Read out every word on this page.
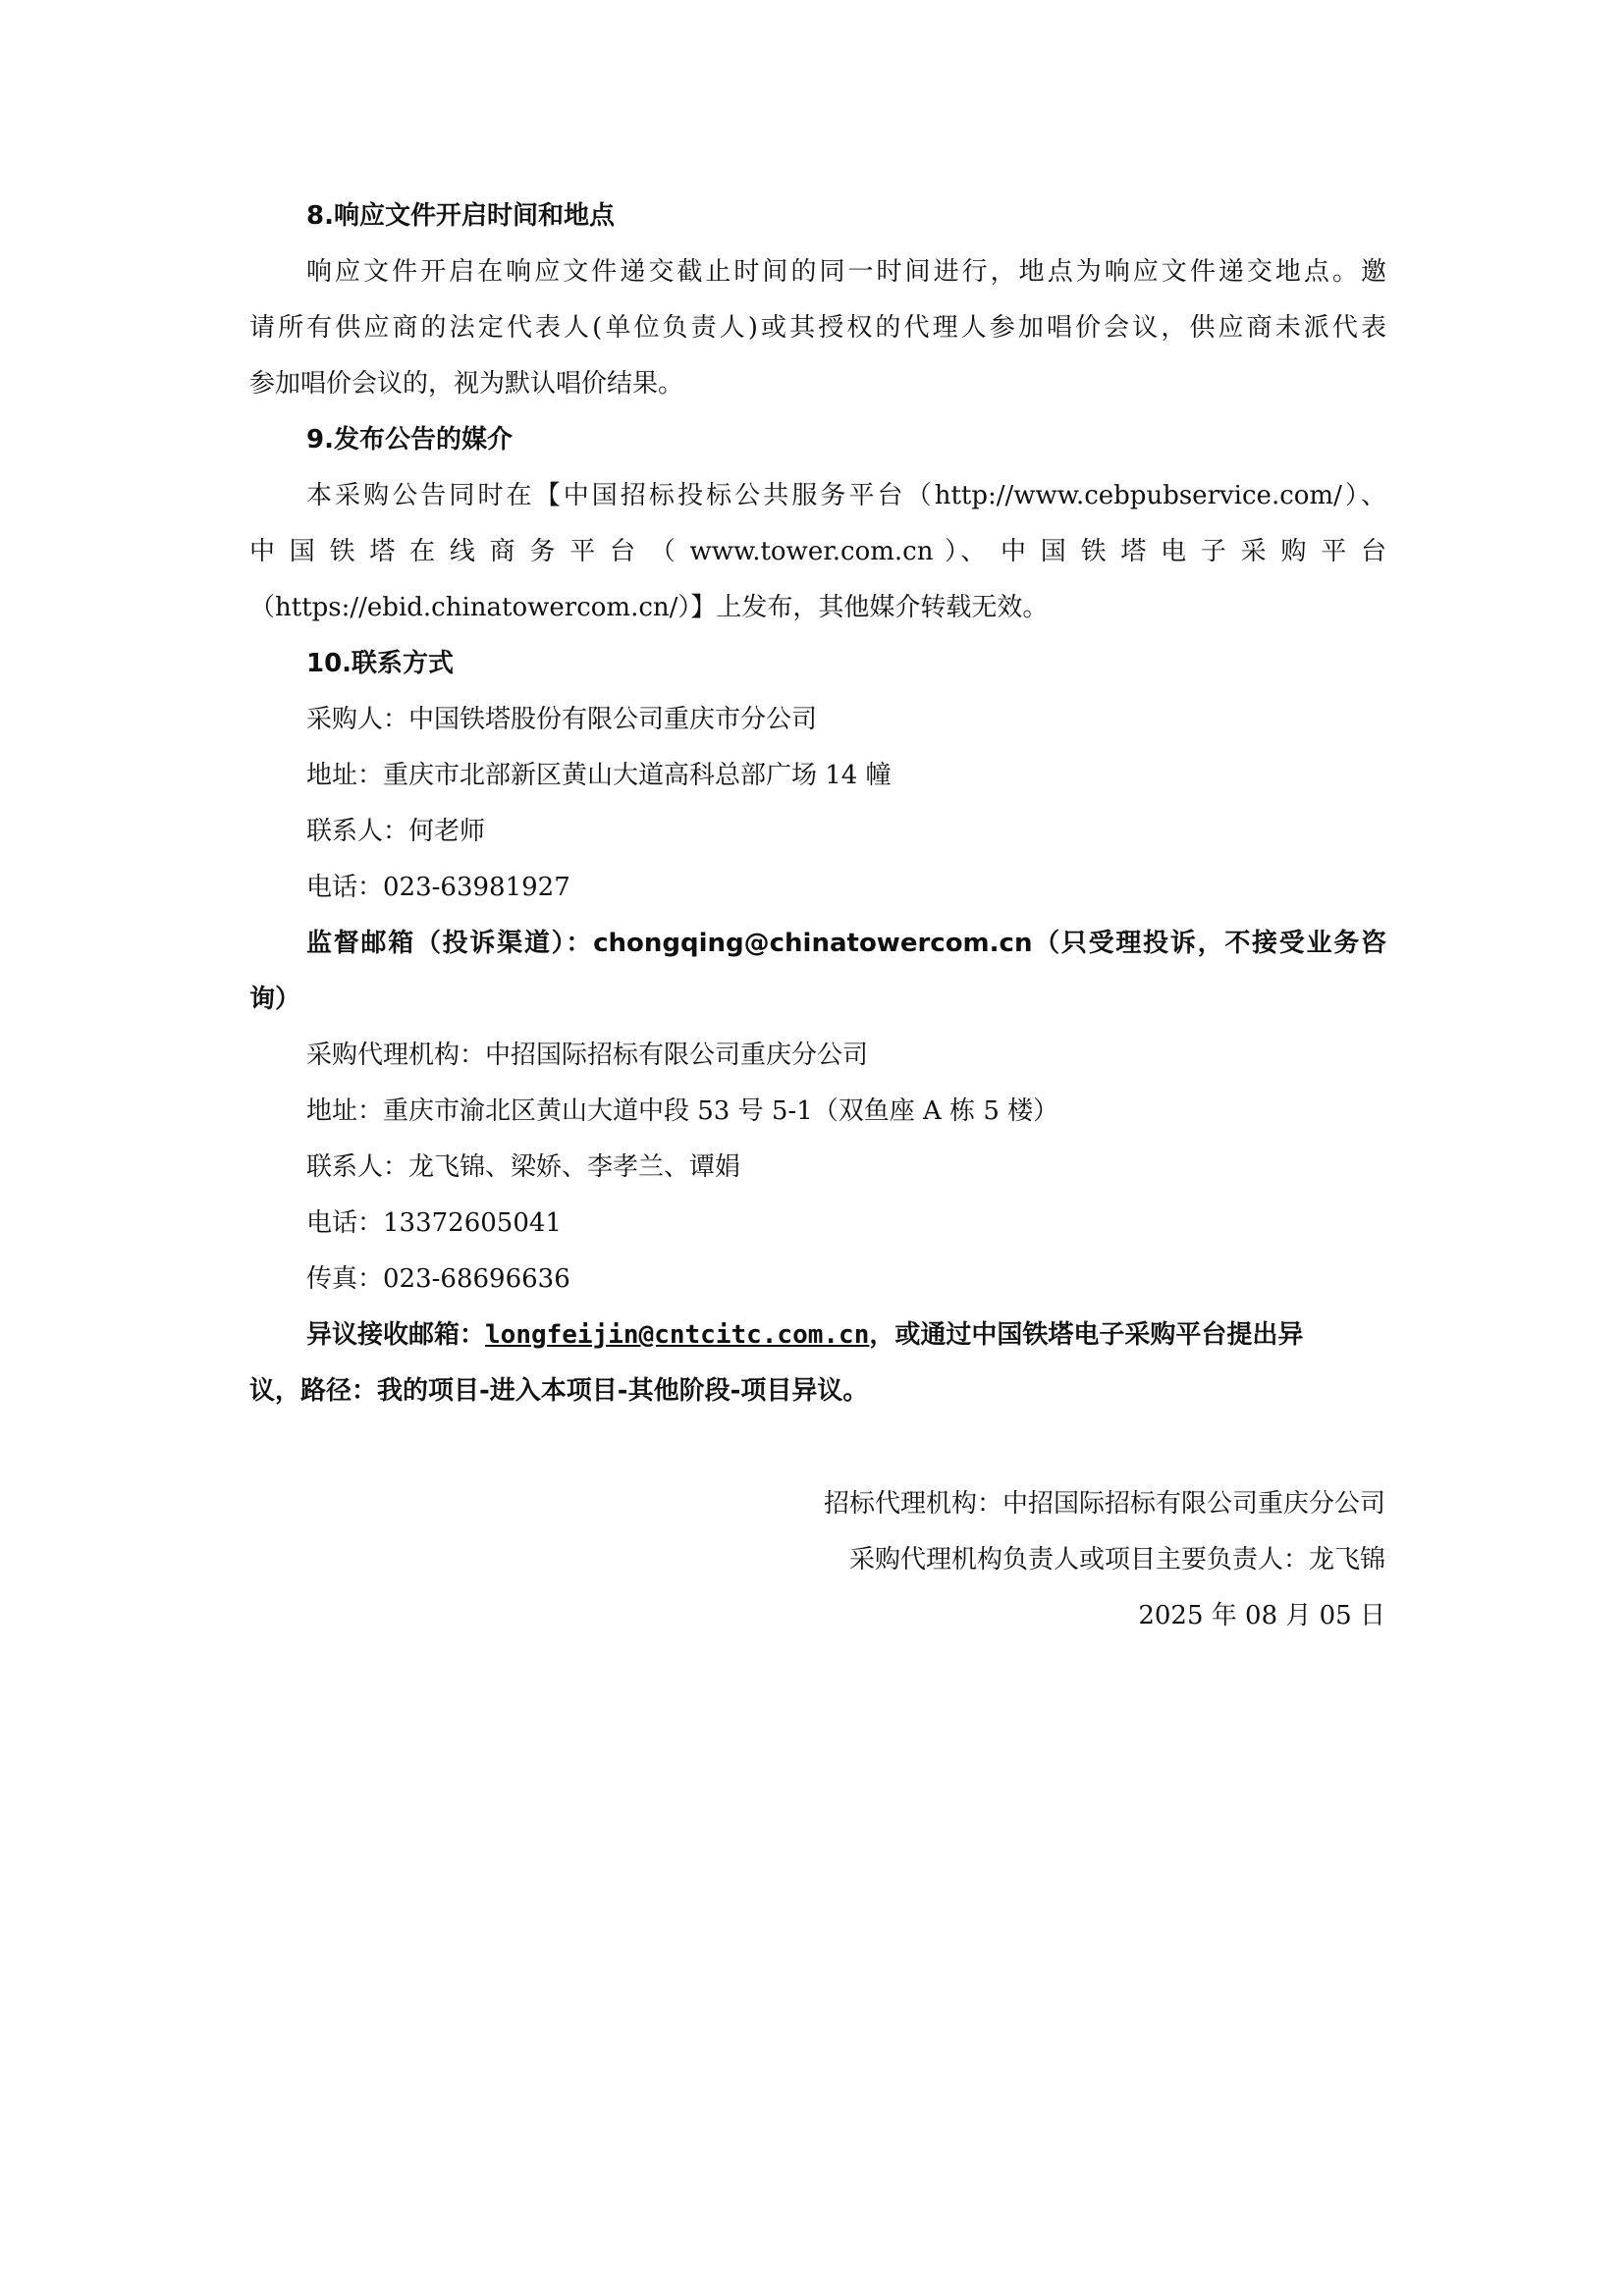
8.响应文件开启时间和地点
响应文件开启在响应文件递交截止时间的同一时间进行，地点为响应文件递交地点。邀
请所有供应商的法定代表人(单位负责人)或其授权的代理人参加唱价会议，供应商未派代表
参加唱价会议的，视为默认唱价结果。
9.发布公告的媒介
本采购公告同时在【中国招标投标公共服务平台（http://www.cebpubservice.com/）、
中 国 铁 塔 在 线 商 务 平 台 （ www.tower.com.cn ）、 中 国 铁 塔 电 子 采 购 平 台
（https://ebid.chinatowercom.cn/）】上发布，其他媒介转载无效。
10.联系方式
采购人：中国铁塔股份有限公司重庆市分公司
地址：重庆市北部新区黄山大道高科总部广场 14 幢
联系人：何老师
电话：023-63981927
监督邮箱（投诉渠道）：chongqing@chinatowercom.cn（只受理投诉，不接受业务咨
询）
采购代理机构：中招国际招标有限公司重庆分公司
地址：重庆市渝北区黄山大道中段 53 号 5-1（双鱼座 A 栋 5 楼）
联系人：龙飞锦、梁娇、李孝兰、谭娟
电话：13372605041
传真：023-68696636
异议接收邮箱：longfeijin@cntcitc.com.cn，或通过中国铁塔电子采购平台提出异
议，路径：我的项目-进入本项目-其他阶段-项目异议。
招标代理机构：中招国际招标有限公司重庆分公司
采购代理机构负责人或项目主要负责人：龙飞锦
2025 年 08 月 05 日
